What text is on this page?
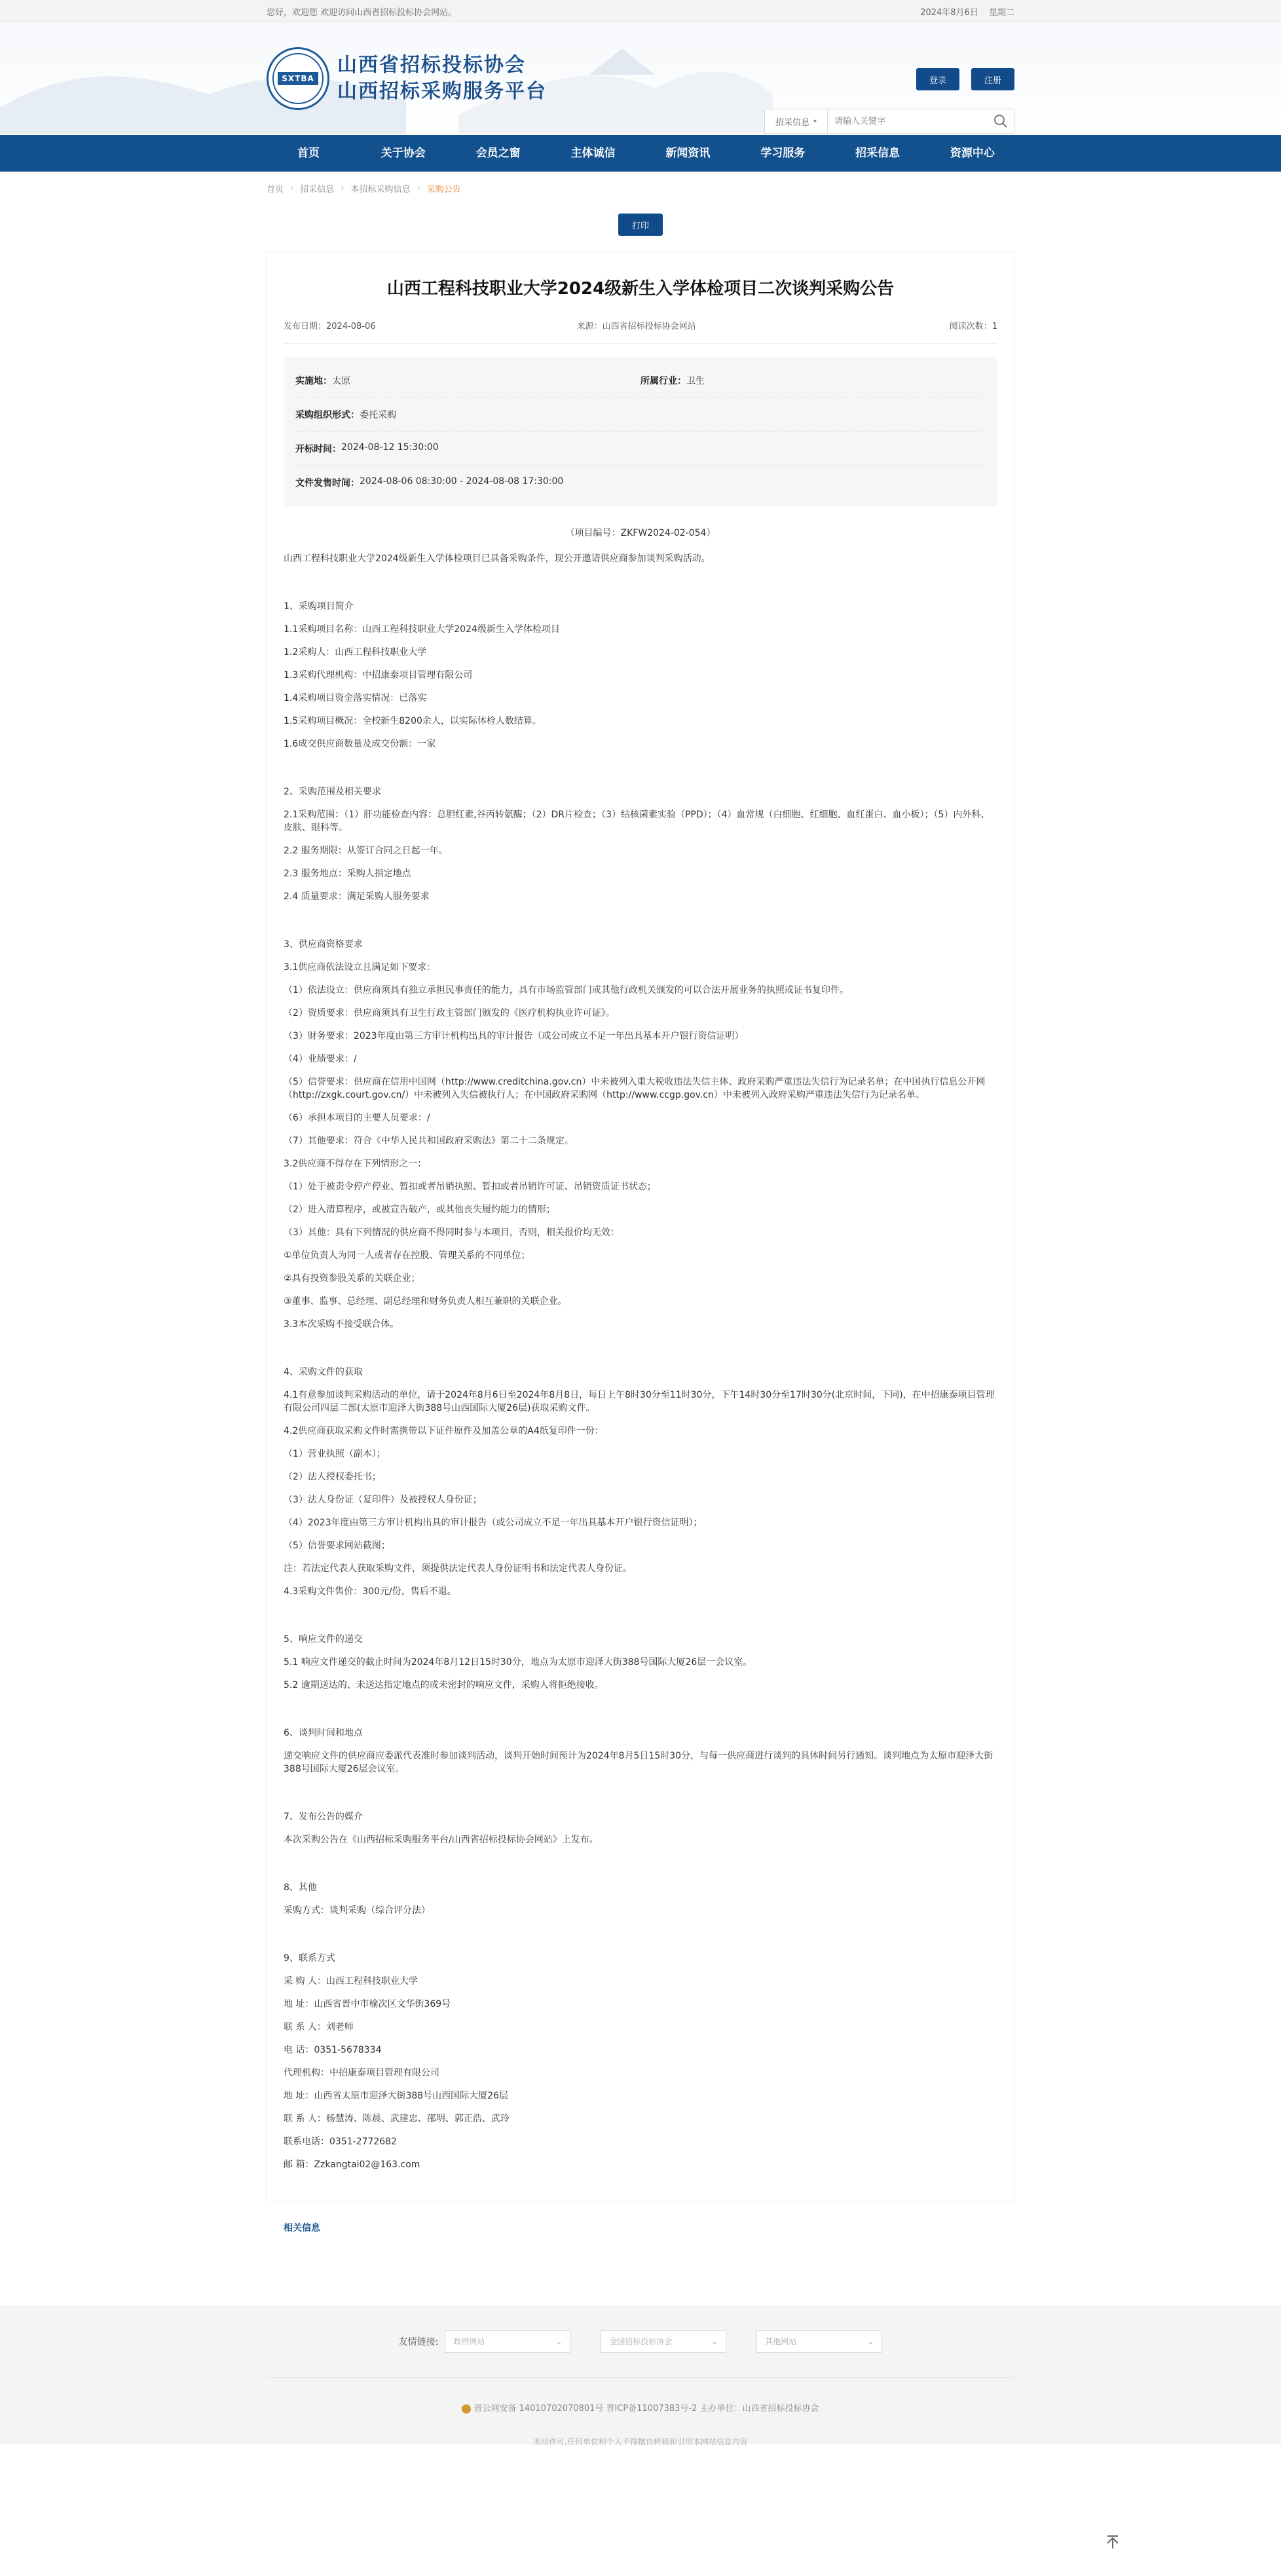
您好，欢迎您 欢迎访问山西省招标投标协会网站。	2024年8月6日 星期二
SXTBA
山西省招标投标协会
山西招标采购服务平台	登录	注册
招采信息 ▾
请输入关键字
首页	关于协会	会员之窗	主体诚信	新闻资讯	学习服务	招采信息	资源中心
首页 › 招采信息 › 本招标采购信息 › 采购公告
打印
山西工程科技职业大学2024级新生入学体检项目二次谈判采购公告
发布日期：2024-08-06	来源：山西省招标投标协会网站	阅读次数：1
实施地： 太原	所属行业： 卫生
采购组织形式： 委托采购
开标时间： 2024-08-12 15:30:00
文件发售时间： 2024-08-06 08:30:00 - 2024-08-08 17:30:00
（项目编号：ZKFW2024-02-054）

山西工程科技职业大学2024级新生入学体检项目已具备采购条件，现公开邀请供应商参加谈判采购活动。

1、采购项目简介

1.1采购项目名称：山西工程科技职业大学2024级新生入学体检项目

1.2采购人：山西工程科技职业大学

1.3采购代理机构：中招康泰项目管理有限公司

1.4采购项目资金落实情况：已落实

1.5采购项目概况：全校新生8200余人，以实际体检人数结算。

1.6成交供应商数量及成交份额：一家

2、采购范围及相关要求

2.1采购范围：（1）肝功能检查内容：总胆红素,谷丙转氨酶；（2）DR片检查；（3）结核菌素实验（PPD）；（4）血常规（白细胞、红细胞、血红蛋白、血小板）；（5）内外科、皮肤、眼科等。

2.2 服务期限：从签订合同之日起一年。

2.3 服务地点：采购人指定地点

2.4 质量要求：满足采购人服务要求

3、供应商资格要求

3.1供应商依法设立且满足如下要求：

（1）依法设立：供应商须具有独立承担民事责任的能力，具有市场监管部门或其他行政机关颁发的可以合法开展业务的执照或证书复印件。

（2）资质要求：供应商须具有卫生行政主管部门颁发的《医疗机构执业许可证》。

（3）财务要求：2023年度由第三方审计机构出具的审计报告（或公司成立不足一年出具基本开户银行资信证明）

（4）业绩要求：/

（5）信誉要求：供应商在信用中国网（http://www.creditchina.gov.cn）中未被列入重大税收违法失信主体、政府采购严重违法失信行为记录名单；在中国执行信息公开网（http://zxgk.court.gov.cn/）中未被列入失信被执行人；在中国政府采购网（http://www.ccgp.gov.cn）中未被列入政府采购严重违法失信行为记录名单。

（6）承担本项目的主要人员要求：/

（7）其他要求：符合《中华人民共和国政府采购法》第二十二条规定。

3.2供应商不得存在下列情形之一：

（1）处于被责令停产停业、暂扣或者吊销执照、暂扣或者吊销许可证、吊销资质证书状态；

（2）进入清算程序，或被宣告破产，或其他丧失履约能力的情形；

（3）其他：具有下列情况的供应商不得同时参与本项目，否则，相关报价均无效：

①单位负责人为同一人或者存在控股、管理关系的不同单位；

②具有投资参股关系的关联企业；

③董事、监事、总经理、副总经理和财务负责人相互兼职的关联企业。

3.3本次采购不接受联合体。

4、采购文件的获取

4.1有意参加谈判采购活动的单位，请于2024年8月6日至2024年8月8日，每日上午8时30分至11时30分，下午14时30分至17时30分(北京时间，下同)，在中招康泰项目管理有限公司四层二部(太原市迎泽大街388号山西国际大厦26层)获取采购文件。

4.2供应商获取采购文件时需携带以下证件原件及加盖公章的A4纸复印件一份：

（1）营业执照（副本）；

（2）法人授权委托书；

（3）法人身份证（复印件）及被授权人身份证；

（4）2023年度由第三方审计机构出具的审计报告（或公司成立不足一年出具基本开户银行资信证明）；

（5）信誉要求网站截图；

注：若法定代表人获取采购文件，须提供法定代表人身份证明书和法定代表人身份证。

4.3采购文件售价：300元/份，售后不退。

5、响应文件的递交

5.1 响应文件递交的截止时间为2024年8月12日15时30分，地点为太原市迎泽大街388号国际大厦26层一会议室。

5.2 逾期送达的、未送达指定地点的或未密封的响应文件，采购人将拒绝接收。

6、谈判时间和地点

递交响应文件的供应商应委派代表准时参加谈判活动，谈判开始时间预计为2024年8月5日15时30分，与每一供应商进行谈判的具体时间另行通知。谈判地点为太原市迎泽大街388号国际大厦26层会议室。

7、发布公告的媒介

本次采购公告在《山西招标采购服务平台/山西省招标投标协会网站》上发布。

8、其他

采购方式：谈判采购（综合评分法）

9、联系方式

采 购 人：山西工程科技职业大学

地 址：山西省晋中市榆次区文华街369号

联 系 人：刘老师

电 话：0351-5678334

代理机构：中招康泰项目管理有限公司

地 址：山西省太原市迎泽大街388号山西国际大厦26层

联 系 人：杨慧涛、陈晨、武建忠、邵明、郭正浩、武玲

联系电话：0351-2772682

邮 箱：Zzkangtai02@163.com

相关信息
友情链接: 政府网站	⌄	全国招标投标协会	⌄	其他网站	⌄
晋公网安备 14010702070801号 晋ICP备11007383号-2 主办单位：山西省招标投标协会
未经许可,任何单位和个人不得擅自转载和引用本网站信息内容
